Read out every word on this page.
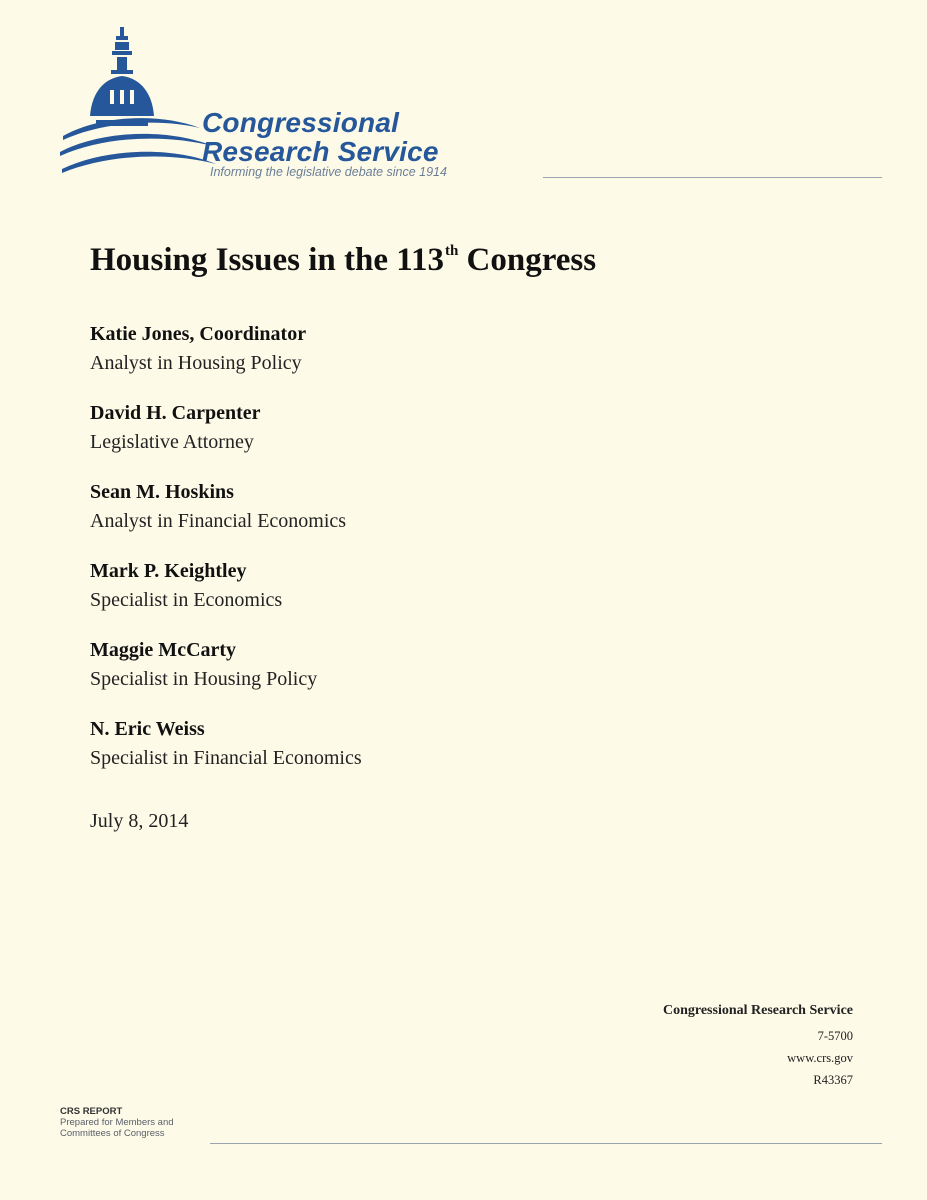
Congressional
Research Service
Informing the legislative debate since 1914
Housing Issues in the 113th Congress
Katie Jones, Coordinator
Analyst in Housing Policy
David H. Carpenter
Legislative Attorney
Sean M. Hoskins
Analyst in Financial Economics
Mark P. Keightley
Specialist in Economics
Maggie McCarty
Specialist in Housing Policy
N. Eric Weiss
Specialist in Financial Economics
July 8, 2014
Congressional Research Service
7-5700
www.crs.gov
R43367
CRS REPORT
Prepared for Members and
Committees of Congress
